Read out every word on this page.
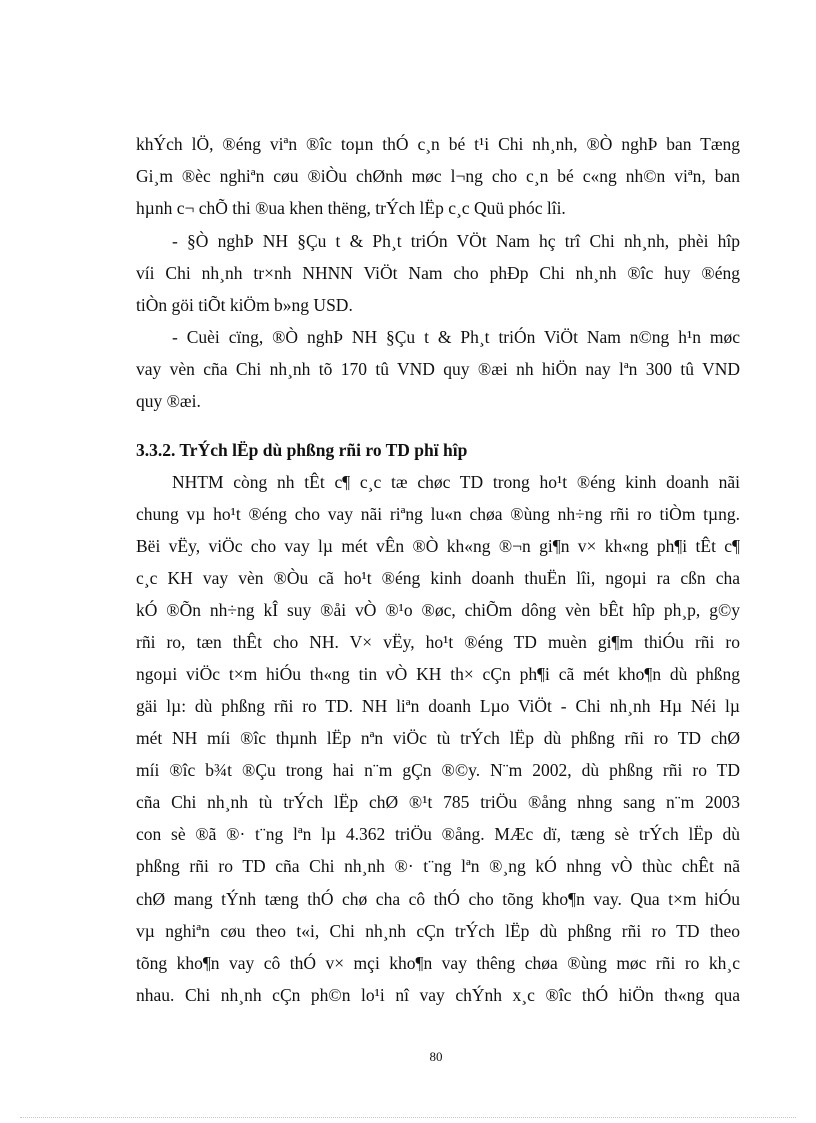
khÝch lÖ, ®éng viªn ®îc toµn thÓ c¸n bé t¹i Chi nh¸nh, ®Ò nghÞ ban Tæng
Gi¸m ®èc nghiªn cøu ®iÒu chØnh møc l¬ng cho c¸n bé c«ng nh©n viªn, ban
hµnh c¬ chÕ thi ®ua khen thëng, trÝch lËp c¸c Quü phóc lîi.
- §Ò nghÞ NH §Çu t & Ph¸t triÓn VÖt Nam hç trî Chi nh¸nh, phèi hîp
víi Chi nh¸nh tr×nh NHNN ViÖt Nam cho phÐp Chi nh¸nh ®îc huy ®éng
tiÒn göi tiÕt kiÖm b»ng USD.
- Cuèi cïng, ®Ò nghÞ NH §Çu t & Ph¸t triÓn ViÖt Nam n©ng h¹n møc
vay vèn cña Chi nh¸nh tõ 170 tû VND quy ®æi nh hiÖn nay lªn 300 tû VND
quy ®æi.
3.3.2. TrÝch lËp dù phßng rñi ro TD phï hîp
NHTM còng nh tÊt c¶ c¸c tæ chøc TD trong ho¹t ®éng kinh doanh nãi
chung vµ ho¹t ®éng cho vay nãi riªng lu«n chøa ®ùng nh÷ng rñi ro tiÒm tµng.
Bëi vËy, viÖc cho vay lµ mét vÊn ®Ò kh«ng ®¬n gi¶n v× kh«ng ph¶i tÊt c¶
c¸c KH vay vèn ®Òu cã ho¹t ®éng kinh doanh thuËn lîi, ngoµi ra cßn cha
kÓ ®Õn nh÷ng kÎ suy ®åi vÒ ®¹o ®øc, chiÕm dông vèn bÊt hîp ph¸p, g©y
rñi ro, tæn thÊt cho NH. V× vËy, ho¹t ®éng TD muèn gi¶m thiÓu rñi ro
ngoµi viÖc t×m hiÓu th«ng tin vÒ KH th× cÇn ph¶i cã mét kho¶n dù phßng
gäi lµ: dù phßng rñi ro TD. NH liªn doanh Lµo ViÖt - Chi nh¸nh Hµ Néi lµ
mét NH míi ®îc thµnh lËp nªn viÖc tù trÝch lËp dù phßng rñi ro TD chØ
míi ®îc b¾t ®Çu trong hai n¨m gÇn ®©y. N¨m 2002, dù phßng rñi ro TD
cña Chi nh¸nh tù trÝch lËp chØ ®¹t 785 triÖu ®ång nhng sang n¨m 2003
con sè ®ã ®· t¨ng lªn lµ 4.362 triÖu ®ång. MÆc dï, tæng sè trÝch lËp dù
phßng rñi ro TD cña Chi nh¸nh ®· t¨ng lªn ®¸ng kÓ nhng vÒ thùc chÊt nã
chØ mang tÝnh tæng thÓ chø cha cô thÓ cho tõng kho¶n vay. Qua t×m hiÓu
vµ nghiªn cøu theo t«i, Chi nh¸nh cÇn trÝch lËp dù phßng rñi ro TD theo
tõng kho¶n vay cô thÓ v× mçi kho¶n vay thêng chøa ®ùng møc rñi ro kh¸c
nhau. Chi nh¸nh cÇn ph©n lo¹i nî vay chÝnh x¸c ®îc thÓ hiÖn th«ng qua
80
